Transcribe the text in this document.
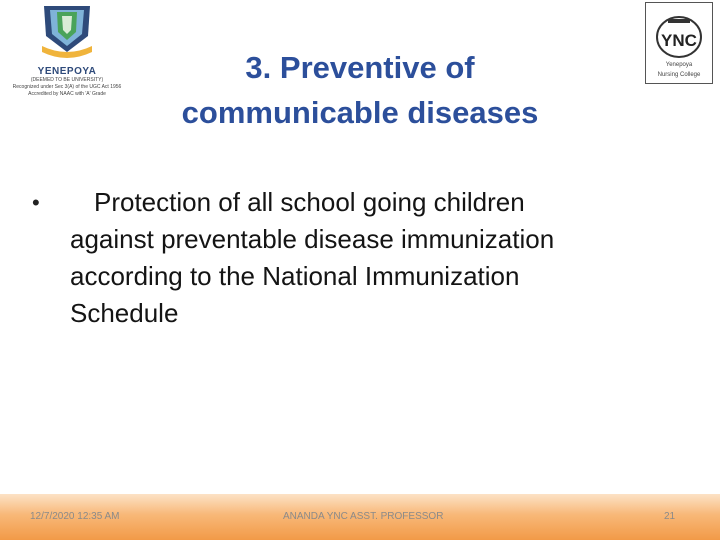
YENEPOYA
(DEEMED TO BE UNIVERSITY)
Recognized under Sec 3(A) of the UGC Act 1956
Accredited by NAAC with 'A' Grade
YNC
Yenepoya
Nursing College
3. Preventive of
communicable diseases
•	Protection of all school going children
against preventable disease immunization
according to the National Immunization
Schedule
12/7/2020 12:35 AM	ANANDA YNC ASST. PROFESSOR	21
